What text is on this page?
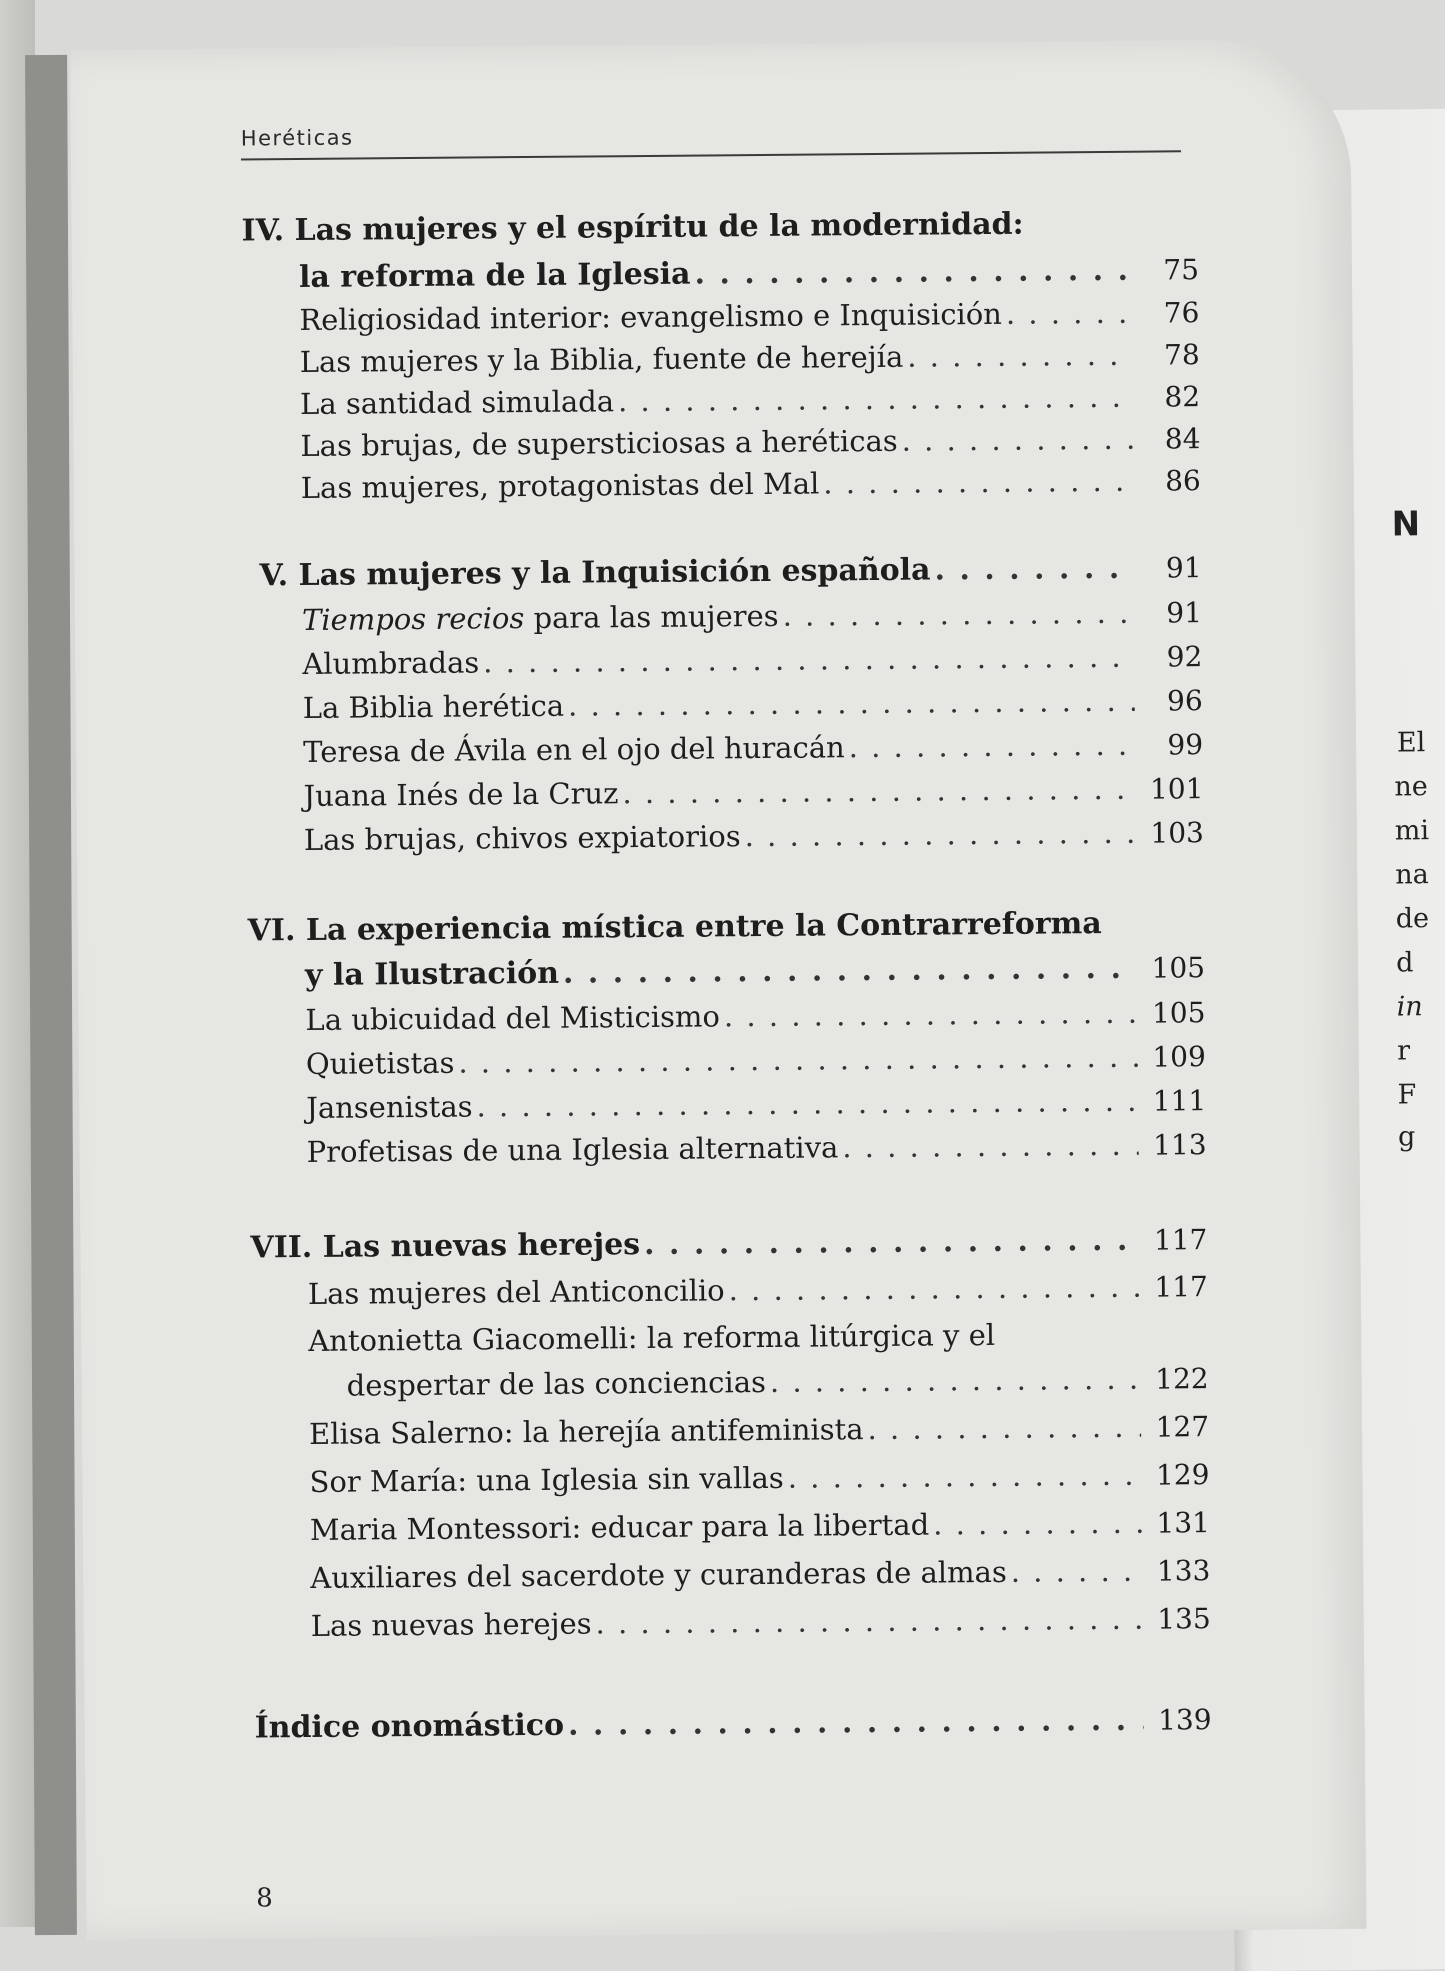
N
El
ne
mi
na
de
d
in
r
F
g
Heréticas
IV. Las mujeres y el espíritu de la modernidad:
la reforma de la Iglesia . . .	75
Religiosidad interior: evangelismo e Inquisición . . .	76
Las mujeres y la Biblia, fuente de herejía . . .	78
La santidad simulada . . .	82
Las brujas, de supersticiosas a heréticas . . .	84
Las mujeres, protagonistas del Mal . . .	86
V. Las mujeres y la Inquisición española . . .	91
Tiempos recios para las mujeres . . .	91
Alumbradas . . .	92
La Biblia herética . . .	96
Teresa de Ávila en el ojo del huracán . . .	99
Juana Inés de la Cruz . . .	101
Las brujas, chivos expiatorios . . .	103
VI. La experiencia mística entre la Contrarreforma
y la Ilustración . . .	105
La ubicuidad del Misticismo . . .	105
Quietistas . . .	109
Jansenistas . . .	111
Profetisas de una Iglesia alternativa . . .	113
VII. Las nuevas herejes . . .	117
Las mujeres del Anticoncilio . . .	117
Antonietta Giacomelli: la reforma litúrgica y el
despertar de las conciencias . . .	122
Elisa Salerno: la herejía antifeminista . . .	127
Sor María: una Iglesia sin vallas . . .	129
Maria Montessori: educar para la libertad . . .	131
Auxiliares del sacerdote y curanderas de almas . . .	133
Las nuevas herejes . . .	135
Índice onomástico . . .	139
8
